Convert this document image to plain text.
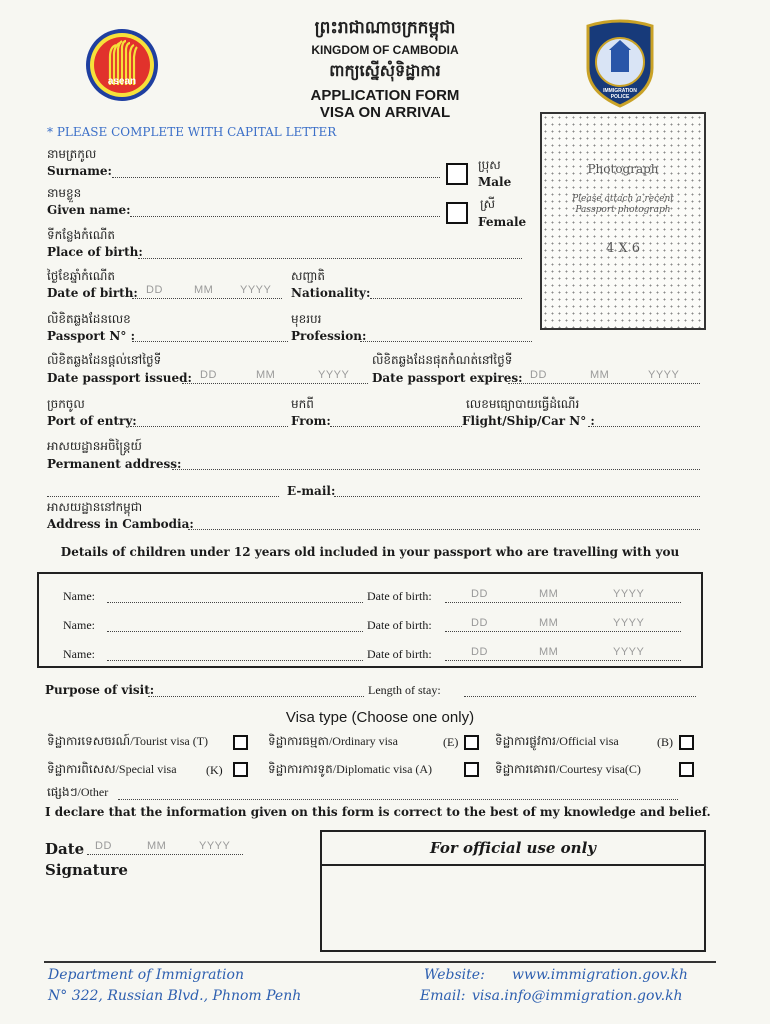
asean
IMMIGRATION POLICE
ព្រះរាជាណាចក្រកម្ពុជា
KINGDOM OF CAMBODIA
ពាក្យស្នើសុំទិដ្ឋាការ
APPLICATION FORM
VISA ON ARRIVAL
* PLEASE COMPLETE WITH CAPITAL LETTER
Photograph
Please attach a recent Passport photograph
4 X 6
នាមត្រកូល
Surname:	ប្រុស
Male
នាមខ្លួន
Given name:	ស្រី
Female
ទីកន្លែងកំណើត
Place of birth:
ថ្ងៃខែឆ្នាំកំណើត
Date of birth: DD	MM YYYY
សញ្ជាតិ
Nationality:
លិខិតឆ្លងដែនលេខ
Passport N° :
មុខរបរ
Profession:
លិខិតឆ្លងដែនផ្តល់នៅថ្ងៃទី
Date passport issued: DD	MM	YYYY
លិខិតឆ្លងដែនផុតកំណត់នៅថ្ងៃទី
Date passport expires: DD	MM	YYYY
ច្រកចូល
Port of entry:
មកពី
From:
លេខមធ្យោបាយធ្វើដំណើរ
Flight/Ship/Car N° :
អាសយដ្ឋានអចិន្ត្រៃយ៍
Permanent address:
E-mail:
អាសយដ្ឋាននៅកម្ពុជា
Address in Cambodia:
Details of children under 12 years old included in your passport who are travelling with you
Name:	Date of birth:	DD	MM	YYYY
Name:	Date of birth:	DD	MM	YYYY
Name:	Date of birth:	DD	MM	YYYY
Purpose of visit:	Length of stay:
Visa type (Choose one only)
ទិដ្ឋាការទេសចរណ៍/Tourist visa (T)	ទិដ្ឋាការធម្មតា/Ordinary visa	(E)	ទិដ្ឋាការផ្លូវការ/Official visa	(B)
ទិដ្ឋាការពិសេស/Special visa (K)	ទិដ្ឋាការការទូត/Diplomatic visa (A)	ទិដ្ឋាការគោរព/Courtesy visa(C)
ផ្សេងៗ/Other
I declare that the information given on this form is correct to the best of my knowledge and belief.
Date DD	MM	YYYY
Signature
For official use only
Department of Immigration
N° 322, Russian Blvd., Phnom Penh
Website: www.immigration.gov.kh
Email: visa.info@immigration.gov.kh
